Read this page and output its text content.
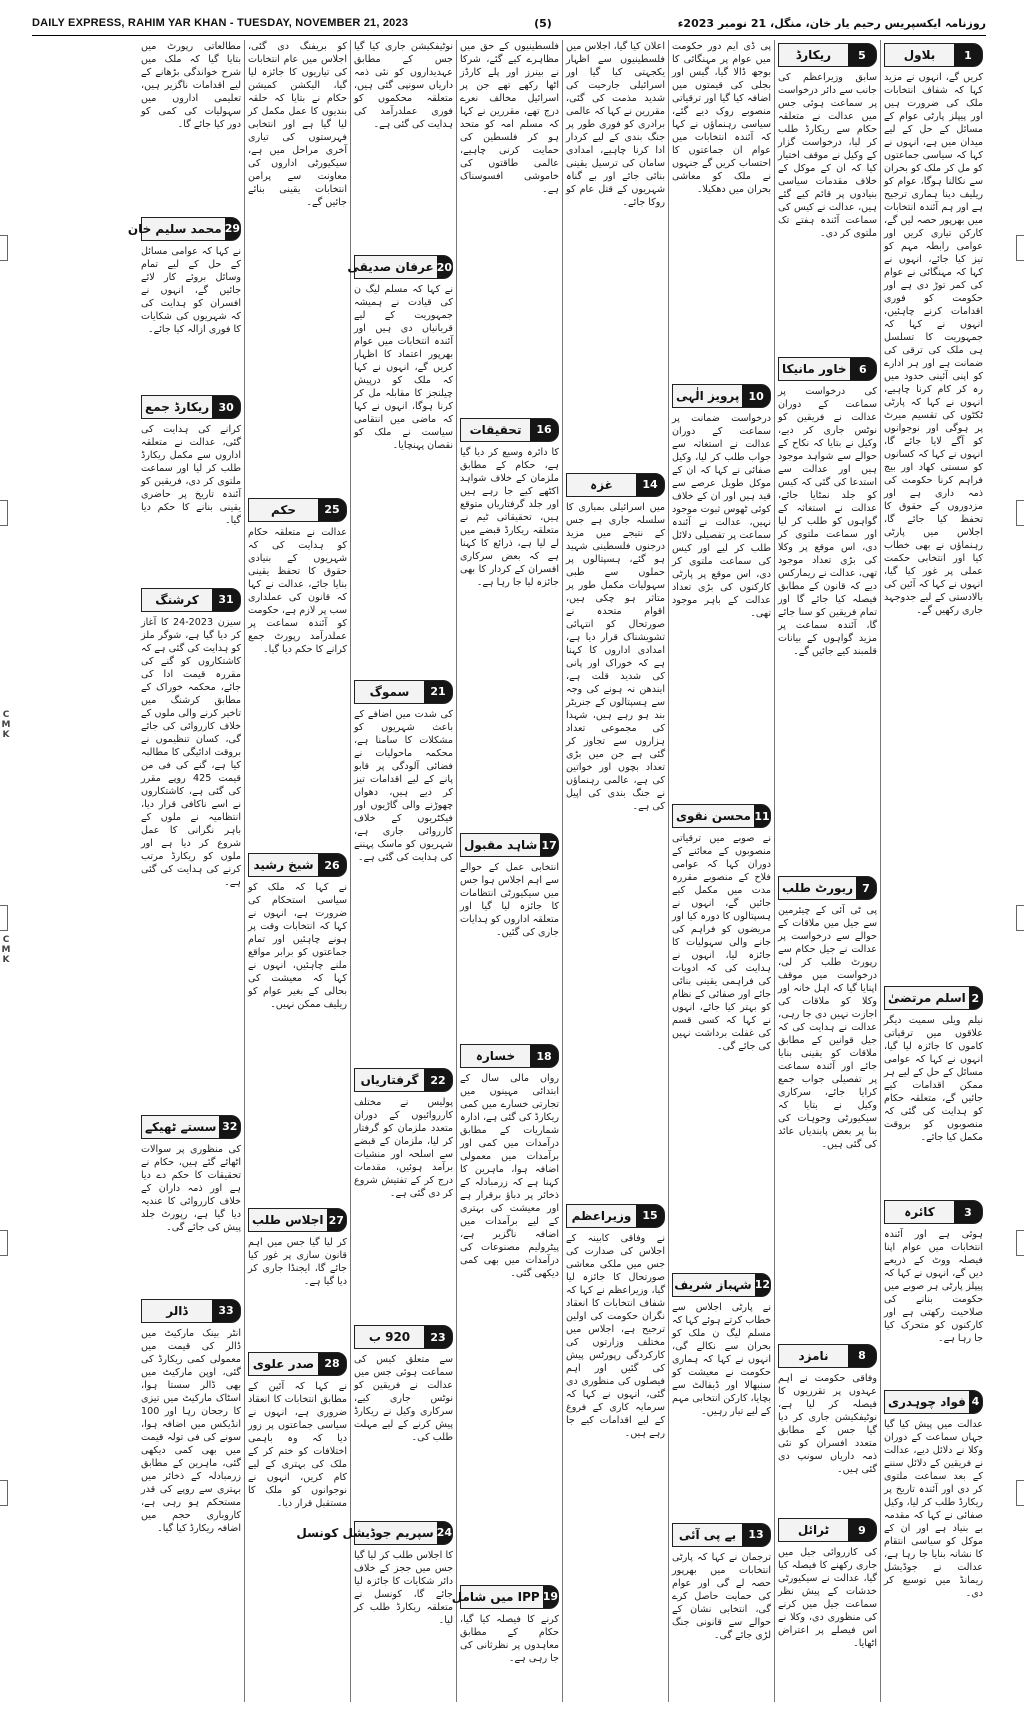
C
M
K
C
M
K
DAILY EXPRESS, RAHIM YAR KHAN - TUESDAY, NOVEMBER 21, 2023	(5)	روزنامہ ایکسپریس رحیم یار خان، منگل، 21 نومبر 2023ء
1
بلاول
کریں گے، انہوں نے مزید کہا کہ شفاف انتخابات ملک کی ضرورت ہیں اور پیپلز پارٹی عوام کے مسائل کے حل کے لیے میدان میں ہے، انہوں نے کہا کہ سیاسی جماعتوں کو مل کر ملک کو بحران سے نکالنا ہوگا، عوام کو ریلیف دینا ہماری ترجیح ہے اور ہم آئندہ انتخابات میں بھرپور حصہ لیں گے، کارکن تیاری کریں اور عوامی رابطہ مہم کو تیز کیا جائے، انہوں نے کہا کہ مہنگائی نے عوام کی کمر توڑ دی ہے اور حکومت کو فوری اقدامات کرنے چاہئیں، انہوں نے کہا کہ جمہوریت کا تسلسل ہی ملک کی ترقی کی ضمانت ہے اور ہر ادارے کو اپنی آئینی حدود میں رہ کر کام کرنا چاہیے، انہوں نے کہا کہ پارٹی ٹکٹوں کی تقسیم میرٹ پر ہوگی اور نوجوانوں کو آگے لایا جائے گا، انہوں نے کہا کہ کسانوں کو سستی کھاد اور بیج فراہم کرنا حکومت کی ذمہ داری ہے اور مزدوروں کے حقوق کا تحفظ کیا جائے گا، اجلاس میں پارٹی رہنماؤں نے بھی خطاب کیا اور انتخابی حکمت عملی پر غور کیا گیا، انہوں نے کہا کہ آئین کی بالادستی کے لیے جدوجہد جاری رکھیں گے۔
2
اسلم مرتضیٰ
نیلم ویلی سمیت دیگر علاقوں میں ترقیاتی کاموں کا جائزہ لیا گیا، انہوں نے کہا کہ عوامی مسائل کے حل کے لیے ہر ممکن اقدامات کیے جائیں گے، متعلقہ حکام کو ہدایت کی گئی کہ منصوبوں کو بروقت مکمل کیا جائے۔
3
کائرہ
ہوئی ہے اور آئندہ انتخابات میں عوام اپنا فیصلہ ووٹ کے ذریعے دیں گے، انہوں نے کہا کہ پیپلز پارٹی ہر صوبے میں حکومت بنانے کی صلاحیت رکھتی ہے اور کارکنوں کو متحرک کیا جا رہا ہے۔
4
فواد چوہدری
عدالت میں پیش کیا گیا جہاں سماعت کے دوران وکلا نے دلائل دیے، عدالت نے فریقین کے دلائل سننے کے بعد سماعت ملتوی کر دی اور آئندہ تاریخ پر ریکارڈ طلب کر لیا، وکیل صفائی نے کہا کہ مقدمہ بے بنیاد ہے اور ان کے موکل کو سیاسی انتقام کا نشانہ بنایا جا رہا ہے، عدالت نے جوڈیشل ریمانڈ میں توسیع کر دی۔
5
ریکارڈ
سابق وزیراعظم کی جانب سے دائر درخواست پر سماعت ہوئی جس میں عدالت نے متعلقہ حکام سے ریکارڈ طلب کر لیا، درخواست گزار کے وکیل نے موقف اختیار کیا کہ ان کے موکل کے خلاف مقدمات سیاسی بنیادوں پر قائم کیے گئے ہیں، عدالت نے کیس کی سماعت آئندہ ہفتے تک ملتوی کر دی۔
6
خاور مانیکا
کی درخواست پر سماعت کے دوران عدالت نے فریقین کو نوٹس جاری کر دیے، وکیل نے بتایا کہ نکاح کے حوالے سے شواہد موجود ہیں اور عدالت سے استدعا کی گئی کہ کیس کو جلد نمٹایا جائے، عدالت نے استغاثہ کے گواہوں کو طلب کر لیا اور سماعت ملتوی کر دی، اس موقع پر وکلا کی بڑی تعداد موجود تھی، عدالت نے ریمارکس دیے کہ قانون کے مطابق فیصلہ کیا جائے گا اور تمام فریقین کو سنا جائے گا، آئندہ سماعت پر مزید گواہوں کے بیانات قلمبند کیے جائیں گے۔
7
ریورٹ طلب
پی ٹی آئی کے چیئرمین سے جیل میں ملاقات کے حوالے سے درخواست پر عدالت نے جیل حکام سے رپورٹ طلب کر لی، درخواست میں موقف اپنایا گیا کہ اہل خانہ اور وکلا کو ملاقات کی اجازت نہیں دی جا رہی، عدالت نے ہدایت کی کہ جیل قوانین کے مطابق ملاقات کو یقینی بنایا جائے اور آئندہ سماعت پر تفصیلی جواب جمع کرایا جائے، سرکاری وکیل نے بتایا کہ سیکیورٹی وجوہات کی بنا پر بعض پابندیاں عائد کی گئی ہیں۔
8
نامزد
وفاقی حکومت نے اہم عہدوں پر تقرریوں کا فیصلہ کر لیا ہے، نوٹیفکیشن جاری کر دیا گیا جس کے مطابق متعدد افسران کو نئی ذمہ داریاں سونپ دی گئی ہیں۔
9
ٹرائل
کی کارروائی جیل میں جاری رکھنے کا فیصلہ کیا گیا، عدالت نے سیکیورٹی خدشات کے پیش نظر سماعت جیل میں کرنے کی منظوری دی، وکلا نے اس فیصلے پر اعتراض اٹھایا۔
پی ڈی ایم دور حکومت میں عوام پر مہنگائی کا بوجھ ڈالا گیا، گیس اور بجلی کی قیمتوں میں اضافہ کیا گیا اور ترقیاتی منصوبے روک دیے گئے، سیاسی رہنماؤں نے کہا کہ آئندہ انتخابات میں عوام ان جماعتوں کا احتساب کریں گے جنہوں نے ملک کو معاشی بحران میں دھکیلا۔
10
پرویز الٰہی
درخواست ضمانت پر سماعت کے دوران عدالت نے استغاثہ سے جواب طلب کر لیا، وکیل صفائی نے کہا کہ ان کے موکل طویل عرصے سے قید ہیں اور ان کے خلاف کوئی ٹھوس ثبوت موجود نہیں، عدالت نے آئندہ سماعت پر تفصیلی دلائل طلب کر لیے اور کیس کی سماعت ملتوی کر دی، اس موقع پر پارٹی کارکنوں کی بڑی تعداد عدالت کے باہر موجود تھی۔
11
محسن نقوی
نے صوبے میں ترقیاتی منصوبوں کے معائنے کے دوران کہا کہ عوامی فلاح کے منصوبے مقررہ مدت میں مکمل کیے جائیں گے، انہوں نے ہسپتالوں کا دورہ کیا اور مریضوں کو فراہم کی جانے والی سہولیات کا جائزہ لیا، انہوں نے ہدایت کی کہ ادویات کی فراہمی یقینی بنائی جائے اور صفائی کے نظام کو بہتر کیا جائے، انہوں نے کہا کہ کسی قسم کی غفلت برداشت نہیں کی جائے گی۔
12
شہباز شریف
نے پارٹی اجلاس سے خطاب کرتے ہوئے کہا کہ مسلم لیگ ن ملک کو بحران سے نکالے گی، انہوں نے کہا کہ ہماری حکومت نے معیشت کو سنبھالا اور ڈیفالٹ سے بچایا، کارکن انتخابی مہم کے لیے تیار رہیں۔
13
بے پی آئی
ترجمان نے کہا کہ پارٹی انتخابات میں بھرپور حصہ لے گی اور عوام کی حمایت حاصل کرے گی، انتخابی نشان کے حوالے سے قانونی جنگ لڑی جائے گی۔
اعلان کیا گیا، اجلاس میں فلسطینیوں سے اظہار یکجہتی کیا گیا اور اسرائیلی جارحیت کی شدید مذمت کی گئی، مقررین نے کہا کہ عالمی برادری کو فوری طور پر جنگ بندی کے لیے کردار ادا کرنا چاہیے، امدادی سامان کی ترسیل یقینی بنائی جائے اور بے گناہ شہریوں کے قتل عام کو روکا جائے۔
14
غزہ
میں اسرائیلی بمباری کا سلسلہ جاری ہے جس کے نتیجے میں مزید درجنوں فلسطینی شہید ہو گئے، ہسپتالوں پر حملوں سے طبی سہولیات مکمل طور پر متاثر ہو چکی ہیں، اقوام متحدہ نے صورتحال کو انتہائی تشویشناک قرار دیا ہے، امدادی اداروں کا کہنا ہے کہ خوراک اور پانی کی شدید قلت ہے، ایندھن نہ ہونے کی وجہ سے ہسپتالوں کے جنریٹر بند ہو رہے ہیں، شہدا کی مجموعی تعداد ہزاروں سے تجاوز کر گئی ہے جن میں بڑی تعداد بچوں اور خواتین کی ہے، عالمی رہنماؤں نے جنگ بندی کی اپیل کی ہے۔
15
وزیراعظم
نے وفاقی کابینہ کے اجلاس کی صدارت کی جس میں ملکی معاشی صورتحال کا جائزہ لیا گیا، وزیراعظم نے کہا کہ شفاف انتخابات کا انعقاد نگران حکومت کی اولین ترجیح ہے، اجلاس میں مختلف وزارتوں کی کارکردگی رپورٹس پیش کی گئیں اور اہم فیصلوں کی منظوری دی گئی، انہوں نے کہا کہ سرمایہ کاری کے فروغ کے لیے اقدامات کیے جا رہے ہیں۔
فلسطینیوں کے حق میں مظاہرے کیے گئے، شرکا نے بینرز اور پلے کارڈز اٹھا رکھے تھے جن پر اسرائیل مخالف نعرے درج تھے، مقررین نے کہا کہ مسلم امہ کو متحد ہو کر فلسطین کی حمایت کرنی چاہیے، عالمی طاقتوں کی خاموشی افسوسناک ہے۔
16
تحقیقات
کا دائرہ وسیع کر دیا گیا ہے، حکام کے مطابق ملزمان کے خلاف شواہد اکٹھے کیے جا رہے ہیں اور جلد گرفتاریاں متوقع ہیں، تحقیقاتی ٹیم نے متعلقہ ریکارڈ قبضے میں لے لیا ہے، ذرائع کا کہنا ہے کہ بعض سرکاری افسران کے کردار کا بھی جائزہ لیا جا رہا ہے۔
17
شاہد مقبول
انتخابی عمل کے حوالے سے اہم اجلاس ہوا جس میں سیکیورٹی انتظامات کا جائزہ لیا گیا اور متعلقہ اداروں کو ہدایات جاری کی گئیں۔
18
خسارہ
رواں مالی سال کے ابتدائی مہینوں میں تجارتی خسارے میں کمی ریکارڈ کی گئی ہے، ادارہ شماریات کے مطابق درآمدات میں کمی اور برآمدات میں معمولی اضافہ ہوا، ماہرین کا کہنا ہے کہ زرمبادلہ کے ذخائر پر دباؤ برقرار ہے اور معیشت کی بہتری کے لیے برآمدات میں اضافہ ناگزیر ہے، پیٹرولیم مصنوعات کی درآمدات میں بھی کمی دیکھی گئی۔
19
IPP میں شامل
کرنے کا فیصلہ کیا گیا، حکام کے مطابق معاہدوں پر نظرثانی کی جا رہی ہے۔
نوٹیفکیشن جاری کیا گیا جس کے مطابق عہدیداروں کو نئی ذمہ داریاں سونپی گئی ہیں، متعلقہ محکموں کو فوری عملدرآمد کی ہدایت کی گئی ہے۔
20
عرفان صدیقی
نے کہا کہ مسلم لیگ ن کی قیادت نے ہمیشہ جمہوریت کے لیے قربانیاں دی ہیں اور آئندہ انتخابات میں عوام بھرپور اعتماد کا اظہار کریں گے، انہوں نے کہا کہ ملک کو درپیش چیلنجز کا مقابلہ مل کر کرنا ہوگا، انہوں نے کہا کہ ماضی میں انتقامی سیاست نے ملک کو نقصان پہنچایا۔
21
سموگ
کی شدت میں اضافے کے باعث شہریوں کو مشکلات کا سامنا ہے، محکمہ ماحولیات نے فضائی آلودگی پر قابو پانے کے لیے اقدامات تیز کر دیے ہیں، دھواں چھوڑنے والی گاڑیوں اور فیکٹریوں کے خلاف کارروائی جاری ہے، شہریوں کو ماسک پہننے کی ہدایت کی گئی ہے۔
22
گرفتاریاں
پولیس نے مختلف کارروائیوں کے دوران متعدد ملزمان کو گرفتار کر لیا، ملزمان کے قبضے سے اسلحہ اور منشیات برآمد ہوئیں، مقدمات درج کر کے تفتیش شروع کر دی گئی ہے۔
23
920 ب
سے متعلق کیس کی سماعت ہوئی جس میں عدالت نے فریقین کو نوٹس جاری کیے، سرکاری وکیل نے ریکارڈ پیش کرنے کے لیے مہلت طلب کی۔
24
سپریم جوڈیشل کونسل
کا اجلاس طلب کر لیا گیا جس میں ججز کے خلاف دائر شکایات کا جائزہ لیا جائے گا، کونسل نے متعلقہ ریکارڈ طلب کر لیا۔
کو بریفنگ دی گئی، اجلاس میں عام انتخابات کی تیاریوں کا جائزہ لیا گیا، الیکشن کمیشن حکام نے بتایا کہ حلقہ بندیوں کا عمل مکمل کر لیا گیا ہے اور انتخابی فہرستوں کی تیاری آخری مراحل میں ہے، سیکیورٹی اداروں کی معاونت سے پرامن انتخابات یقینی بنائے جائیں گے۔
25
حکم
عدالت نے متعلقہ حکام کو ہدایت کی کہ شہریوں کے بنیادی حقوق کا تحفظ یقینی بنایا جائے، عدالت نے کہا کہ قانون کی عملداری سب پر لازم ہے، حکومت کو آئندہ سماعت پر عملدرآمد رپورٹ جمع کرانے کا حکم دیا گیا۔
26
شیخ رشید
نے کہا کہ ملک کو سیاسی استحکام کی ضرورت ہے، انہوں نے کہا کہ انتخابات وقت پر ہونے چاہئیں اور تمام جماعتوں کو برابر مواقع ملنے چاہئیں، انہوں نے کہا کہ معیشت کی بحالی کے بغیر عوام کو ریلیف ممکن نہیں۔
27
اجلاس طلب
کر لیا گیا جس میں اہم قانون سازی پر غور کیا جائے گا، ایجنڈا جاری کر دیا گیا ہے۔
28
صدر علوی
نے کہا کہ آئین کے مطابق انتخابات کا انعقاد ضروری ہے، انہوں نے سیاسی جماعتوں پر زور دیا کہ وہ باہمی اختلافات کو ختم کر کے ملک کی بہتری کے لیے کام کریں، انہوں نے نوجوانوں کو ملک کا مستقبل قرار دیا۔
مطالعاتی رپورٹ میں بتایا گیا کہ ملک میں شرح خواندگی بڑھانے کے لیے اقدامات ناگزیر ہیں، تعلیمی اداروں میں سہولیات کی کمی کو دور کیا جائے گا۔
29
محمد سلیم خان
نے کہا کہ عوامی مسائل کے حل کے لیے تمام وسائل بروئے کار لائے جائیں گے، انہوں نے افسران کو ہدایت کی کہ شہریوں کی شکایات کا فوری ازالہ کیا جائے۔
30
ریکارڈ جمع
کرانے کی ہدایت کی گئی، عدالت نے متعلقہ اداروں سے مکمل ریکارڈ طلب کر لیا اور سماعت ملتوی کر دی، فریقین کو آئندہ تاریخ پر حاضری یقینی بنانے کا حکم دیا گیا۔
31
کرشنگ
سیزن 2023-24 کا آغاز کر دیا گیا ہے، شوگر ملز کو ہدایت کی گئی ہے کہ کاشتکاروں کو گنے کی مقررہ قیمت ادا کی جائے، محکمہ خوراک کے مطابق کرشنگ میں تاخیر کرنے والی ملوں کے خلاف کارروائی کی جائے گی، کسان تنظیموں نے بروقت ادائیگی کا مطالبہ کیا ہے، گنے کی فی من قیمت 425 روپے مقرر کی گئی ہے، کاشتکاروں نے اسے ناکافی قرار دیا، انتظامیہ نے ملوں کے باہر نگرانی کا عمل شروع کر دیا ہے اور ملوں کو ریکارڈ مرتب کرنے کی ہدایت کی گئی ہے۔
32
سستے ٹھیکے
کی منظوری پر سوالات اٹھائے گئے ہیں، حکام نے تحقیقات کا حکم دے دیا ہے اور ذمہ داران کے خلاف کارروائی کا عندیہ دیا گیا ہے، رپورٹ جلد پیش کی جائے گی۔
33
ڈالر
انٹر بینک مارکیٹ میں ڈالر کی قیمت میں معمولی کمی ریکارڈ کی گئی، اوپن مارکیٹ میں بھی ڈالر سستا ہوا، اسٹاک مارکیٹ میں تیزی کا رجحان رہا اور 100 انڈیکس میں اضافہ ہوا، سونے کی فی تولہ قیمت میں بھی کمی دیکھی گئی، ماہرین کے مطابق زرمبادلہ کے ذخائر میں بہتری سے روپے کی قدر مستحکم ہو رہی ہے، کاروباری حجم میں اضافہ ریکارڈ کیا گیا۔
